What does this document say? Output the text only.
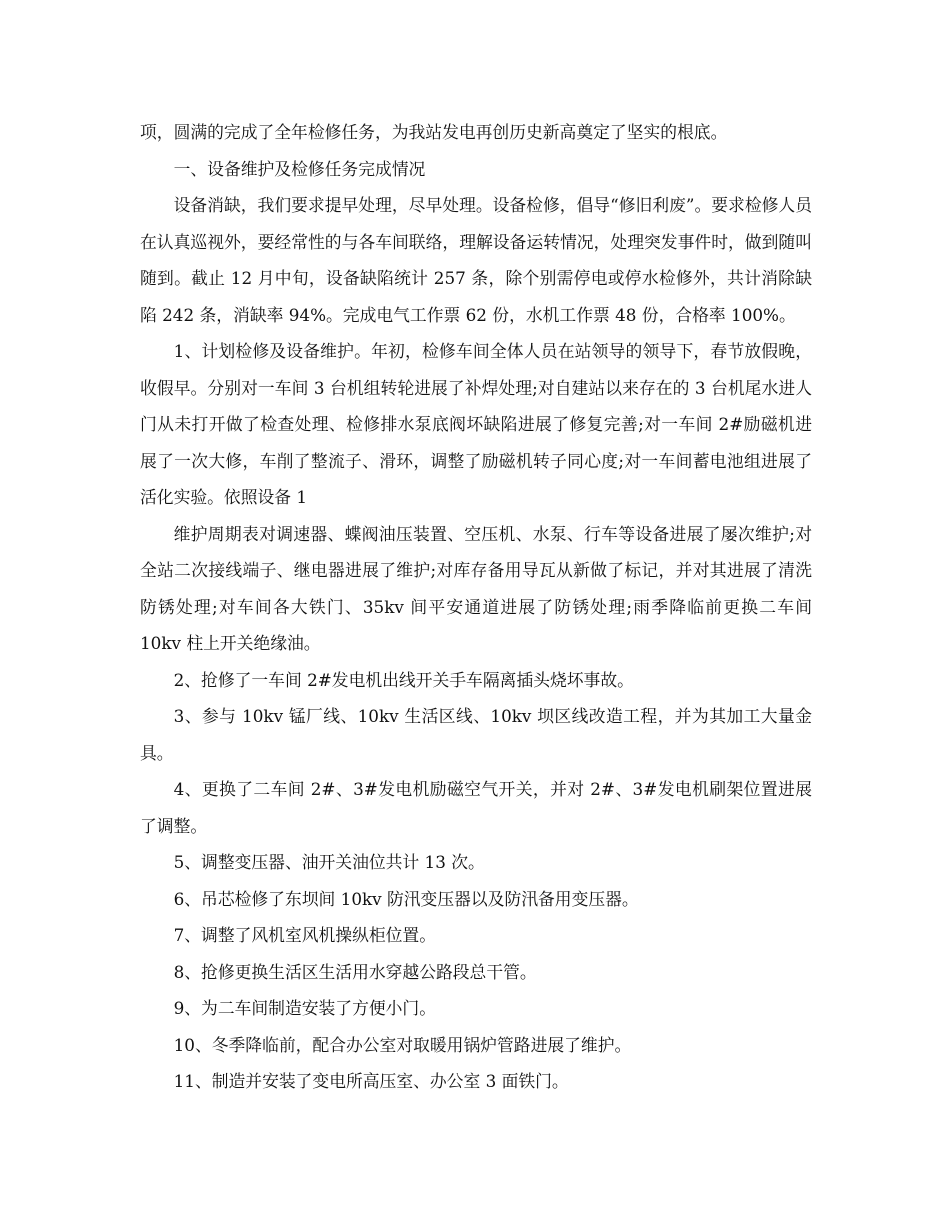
项，圆满的完成了全年检修任务，为我站发电再创历史新高奠定了坚实的根底。

一、设备维护及检修任务完成情况

设备消缺，我们要求提早处理，尽早处理。设备检修，倡导“修旧利废”。要求检修人员在认真巡视外，要经常性的与各车间联络，理解设备运转情况，处理突发事件时，做到随叫随到。截止 12 月中旬，设备缺陷统计 257 条，除个别需停电或停水检修外，共计消除缺陷 242 条，消缺率 94%。完成电气工作票 62 份，水机工作票 48 份，合格率 100%。

1、计划检修及设备维护。年初，检修车间全体人员在站领导的领导下，春节放假晚，收假早。分别对一车间 3 台机组转轮进展了补焊处理;对自建站以来存在的 3 台机尾水进人门从未打开做了检查处理、检修排水泵底阀坏缺陷进展了修复完善;对一车间 2#励磁机进展了一次大修，车削了整流子、滑环，调整了励磁机转子同心度;对一车间蓄电池组进展了活化实验。依照设备 1

维护周期表对调速器、蝶阀油压装置、空压机、水泵、行车等设备进展了屡次维护;对全站二次接线端子、继电器进展了维护;对库存备用导瓦从新做了标记，并对其进展了清洗防锈处理;对车间各大铁门、35kv 间平安通道进展了防锈处理;雨季降临前更换二车间 10kv 柱上开关绝缘油。

2、抢修了一车间 2#发电机出线开关手车隔离插头烧坏事故。

3、参与 10kv 锰厂线、10kv 生活区线、10kv 坝区线改造工程，并为其加工大量金具。

4、更换了二车间 2#、3#发电机励磁空气开关，并对 2#、3#发电机刷架位置进展了调整。

5、调整变压器、油开关油位共计 13 次。

6、吊芯检修了东坝间 10kv 防汛变压器以及防汛备用变压器。

7、调整了风机室风机操纵柜位置。

8、抢修更换生活区生活用水穿越公路段总干管。

9、为二车间制造安装了方便小门。

10、冬季降临前，配合办公室对取暖用锅炉管路进展了维护。

11、制造并安装了变电所高压室、办公室 3 面铁门。
